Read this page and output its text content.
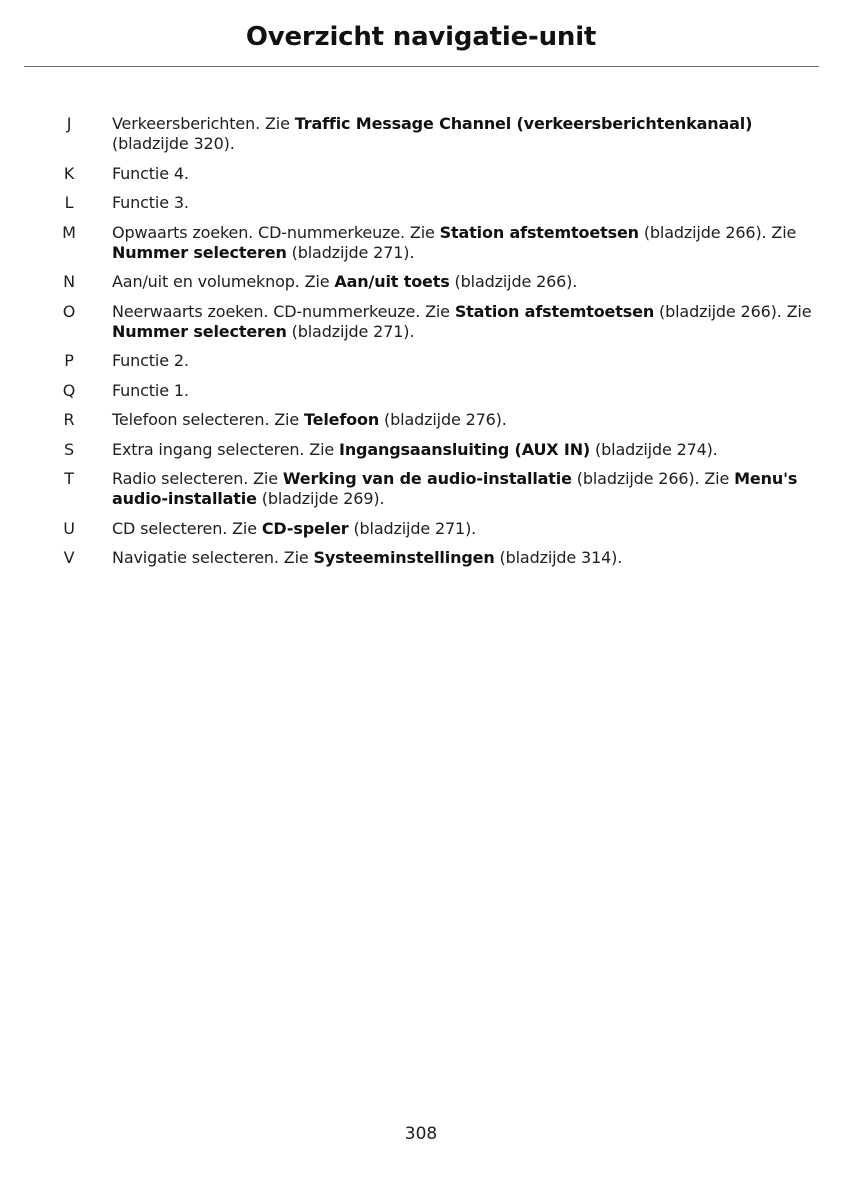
Overzicht navigatie-unit
J	Verkeersberichten. Zie Traffic Message Channel (verkeersberichtenkanaal) (bladzijde 320).
K Functie 4.
L Functie 3.
M Opwaarts zoeken. CD-nummerkeuze. Zie Station afstemtoetsen (bladzijde 266). Zie Nummer selecteren (bladzijde 271).
N Aan/uit en volumeknop. Zie Aan/uit toets (bladzijde 266).
O Neerwaarts zoeken. CD-nummerkeuze. Zie Station afstemtoetsen (bladzijde 266). Zie Nummer selecteren (bladzijde 271).
P Functie 2.
Q Functie 1.
R Telefoon selecteren. Zie Telefoon (bladzijde 276).
S Extra ingang selecteren. Zie Ingangsaansluiting (AUX IN) (bladzijde 274).
T Radio selecteren. Zie Werking van de audio-installatie (bladzijde 266). Zie Menu's audio-installatie (bladzijde 269).
U CD selecteren. Zie CD-speler (bladzijde 271).
V Navigatie selecteren. Zie Systeeminstellingen (bladzijde 314).
308
